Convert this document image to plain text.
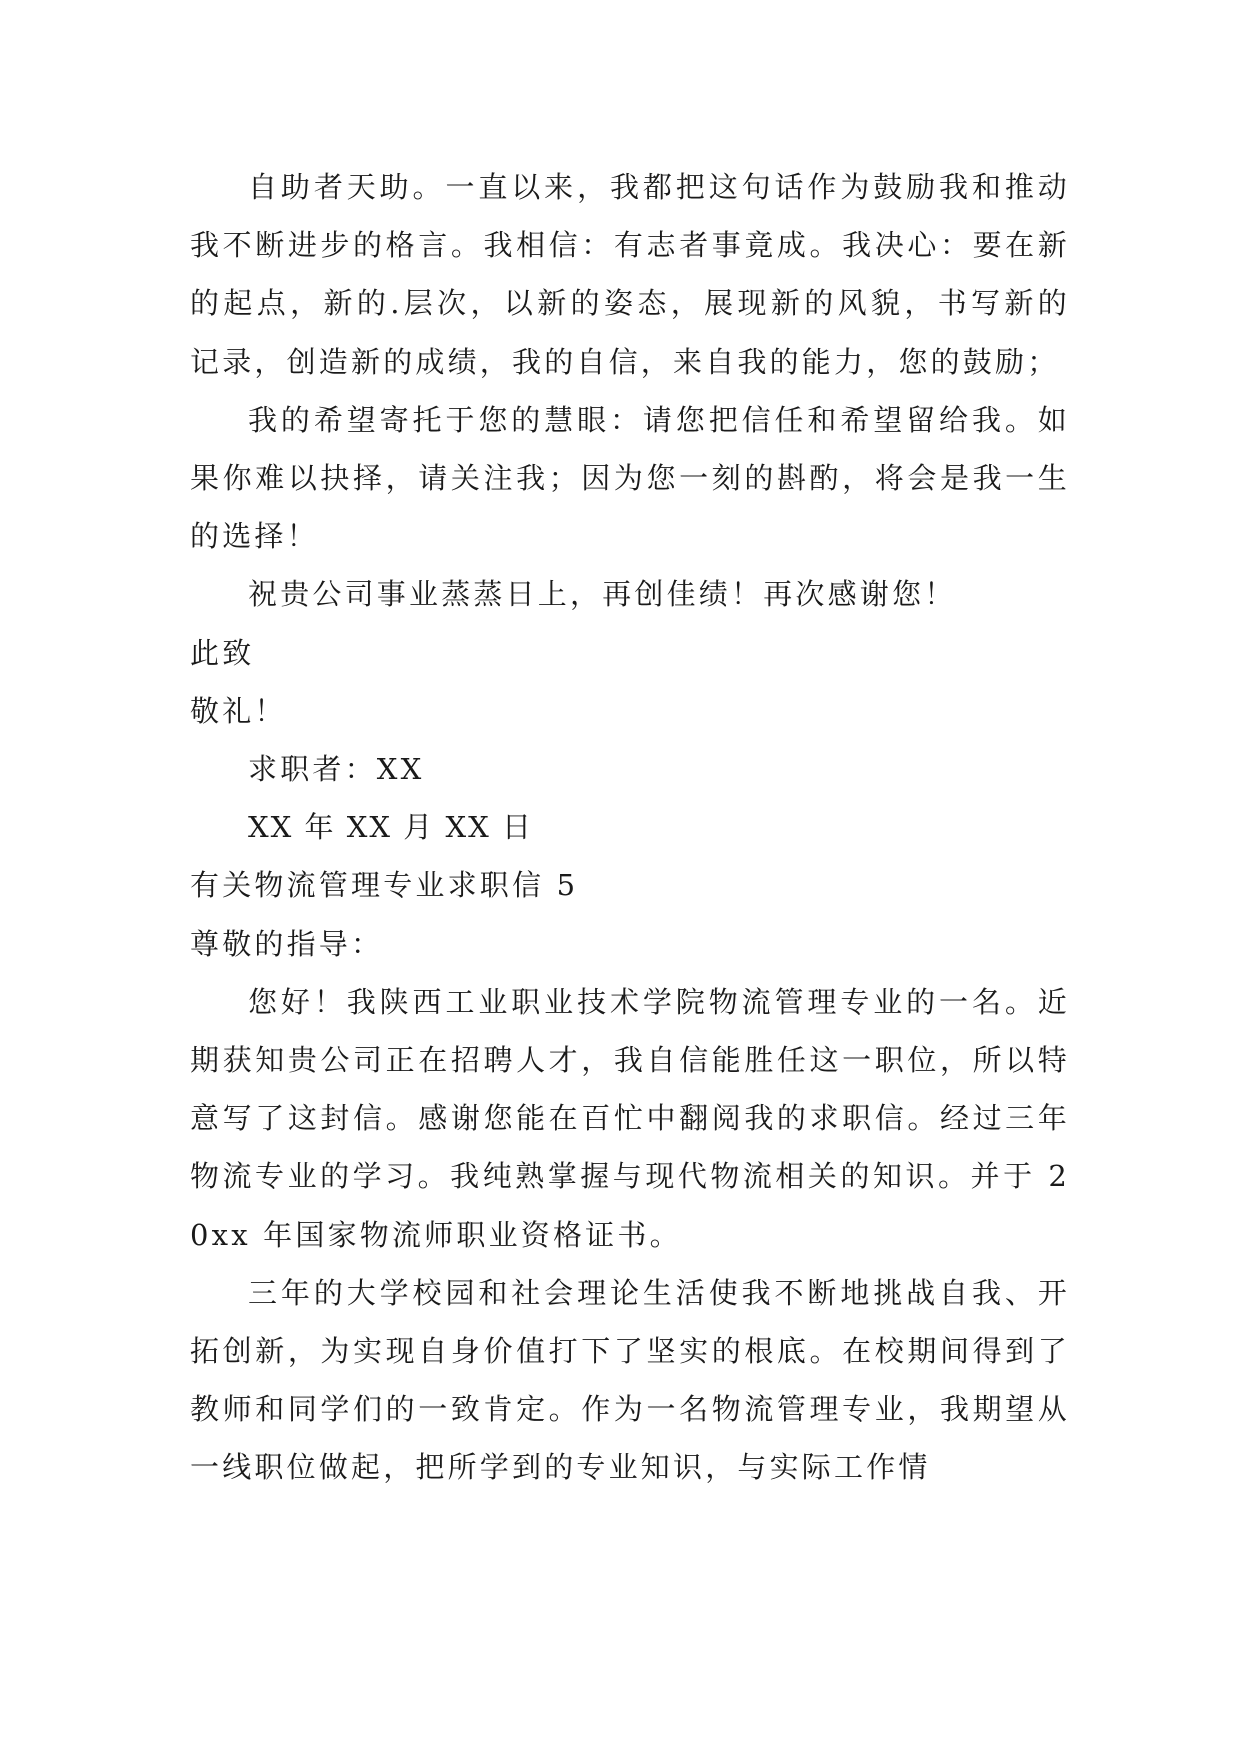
自助者天助。一直以来，我都把这句话作为鼓励我和推动我不断进步的格言。我相信：有志者事竟成。我决心：要在新的起点，新的.层次，以新的姿态，展现新的风貌，书写新的记录，创造新的成绩，我的自信，来自我的能力，您的鼓励；

我的希望寄托于您的慧眼：请您把信任和希望留给我。如果你难以抉择，请关注我；因为您一刻的斟酌，将会是我一生的选择！

祝贵公司事业蒸蒸日上，再创佳绩！再次感谢您！

此致

敬礼！

求职者：XX

XX 年 XX 月 XX 日

有关物流管理专业求职信 5

尊敬的指导：

您好！我陕西工业职业技术学院物流管理专业的一名。近期获知贵公司正在招聘人才，我自信能胜任这一职位，所以特意写了这封信。感谢您能在百忙中翻阅我的求职信。经过三年物流专业的学习。我纯熟掌握与现代物流相关的知识。并于 20xx 年国家物流师职业资格证书。

三年的大学校园和社会理论生活使我不断地挑战自我、开拓创新，为实现自身价值打下了坚实的根底。在校期间得到了教师和同学们的一致肯定。作为一名物流管理专业，我期望从一线职位做起，把所学到的专业知识，与实际工作情
